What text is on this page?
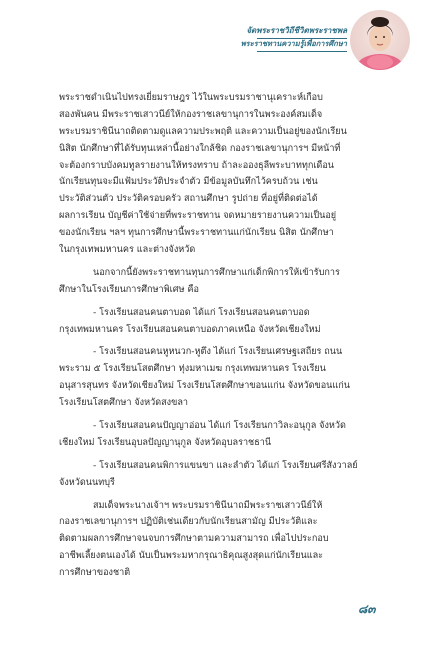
จัดพระราชวิถีชีวิตพระราชพล
พระราชทานความรู้เพื่อการศึกษา
พระราชดำเนินไปทรงเยี่ยมราษฎร ไว้ในพระบรมราชานุเคราะห์เกือบ
สองพันคน มีพระราชเสาวนีย์ให้กองราชเลขานุการในพระองค์สมเด็จ
พระบรมราชินีนาถติดตามดูแลความประพฤติ และความเป็นอยู่ของนักเรียน
นิสิต นักศึกษาที่ได้รับทุนเหล่านี้อย่างใกล้ชิด กองราชเลขานุการฯ มีหน้าที่
จะต้องกราบบังคมทูลรายงานให้ทรงทราบ ถ้าละอองธุลีพระบาททุกเดือน
นักเรียนทุนจะมีแฟ้มประวัติประจำตัว มีข้อมูลบันทึกไว้ครบถ้วน เช่น
ประวัติส่วนตัว ประวัติครอบครัว สถานศึกษา รูปถ่าย ที่อยู่ที่ติดต่อได้
ผลการเรียน บัญชีค่าใช้จ่ายที่พระราชทาน จดหมายรายงานความเป็นอยู่
ของนักเรียน ฯลฯ ทุนการศึกษานี้พระราชทานแก่นักเรียน นิสิต นักศึกษา
ในกรุงเทพมหานคร และต่างจังหวัด
นอกจากนี้ยังพระราชทานทุนการศึกษาแก่เด็กพิการให้เข้ารับการ
ศึกษาในโรงเรียนการศึกษาพิเศษ คือ
- โรงเรียนสอนคนตาบอด ได้แก่ โรงเรียนสอนคนตาบอด
กรุงเทพมหานคร โรงเรียนสอนคนตาบอดภาคเหนือ จังหวัดเชียงใหม่
- โรงเรียนสอนคนหูหนวก-หูตึง ได้แก่ โรงเรียนเศรษฐเสถียร ถนน
พระราม ๕ โรงเรียนโสตศึกษา ทุ่งมหาเมฆ กรุงเทพมหานคร โรงเรียน
อนุสารสุนทร จังหวัดเชียงใหม่ โรงเรียนโสตศึกษาขอนแก่น จังหวัดขอนแก่น
โรงเรียนโสตศึกษา จังหวัดสงขลา
- โรงเรียนสอนคนปัญญาอ่อน ได้แก่ โรงเรียนกาวิละอนุกูล จังหวัด
เชียงใหม่ โรงเรียนอุบลปัญญานุกูล จังหวัดอุบลราชธานี
- โรงเรียนสอนคนพิการแขนขา และลำตัว ได้แก่ โรงเรียนศรีสังวาลย์
จังหวัดนนทบุรี
สมเด็จพระนางเจ้าฯ พระบรมราชินีนาถมีพระราชเสาวนีย์ให้
กองราชเลขานุการฯ ปฏิบัติเช่นเดียวกับนักเรียนสามัญ มีประวัติและ
ติดตามผลการศึกษาจนจบการศึกษาตามความสามารถ เพื่อไปประกอบ
อาชีพเลี้ยงตนเองได้ นับเป็นพระมหากรุณาธิคุณสูงสุดแก่นักเรียนและ
การศึกษาของชาติ
๘๓
